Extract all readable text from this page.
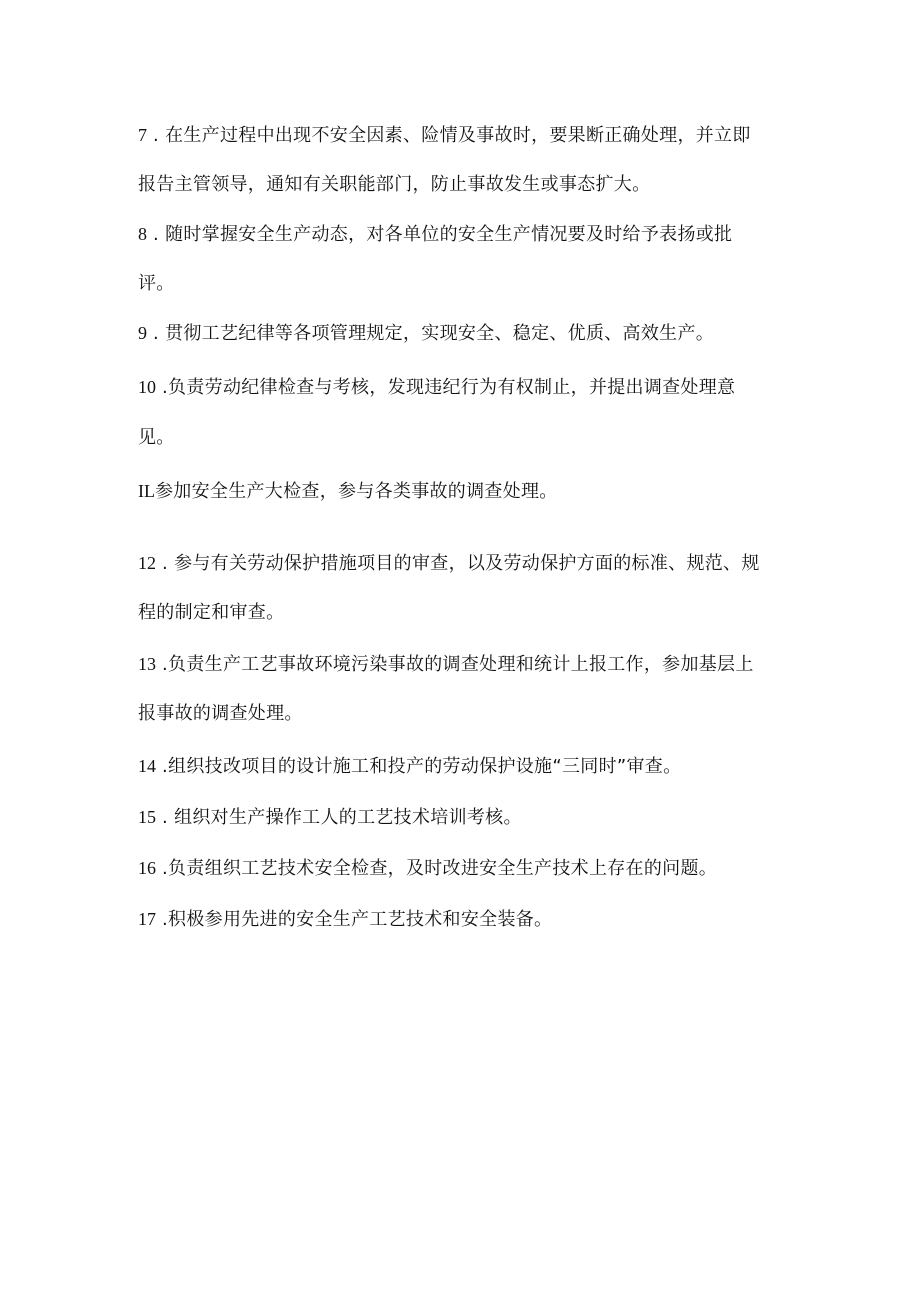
7 . 在生产过程中出现不安全因素、险情及事故时，要果断正确处理，并立即
报告主管领导，通知有关职能部门，防止事故发生或事态扩大。
8 . 随时掌握安全生产动态，对各单位的安全生产情况要及时给予表扬或批
评。
9 . 贯彻工艺纪律等各项管理规定，实现安全、稳定、优质、高效生产。
10 .负责劳动纪律检查与考核，发现违纪行为有权制止，并提出调查处理意
见。
IL参加安全生产大检查，参与各类事故的调查处理。
12 . 参与有关劳动保护措施项目的审查，以及劳动保护方面的标准、规范、规
程的制定和审查。
13 .负责生产工艺事故环境污染事故的调查处理和统计上报工作，参加基层上
报事故的调查处理。
14 .组织技改项目的设计施工和投产的劳动保护设施“三同时”审查。
15 . 组织对生产操作工人的工艺技术培训考核。
16 .负责组织工艺技术安全检查，及时改进安全生产技术上存在的问题。
17 .积极参用先进的安全生产工艺技术和安全装备。
